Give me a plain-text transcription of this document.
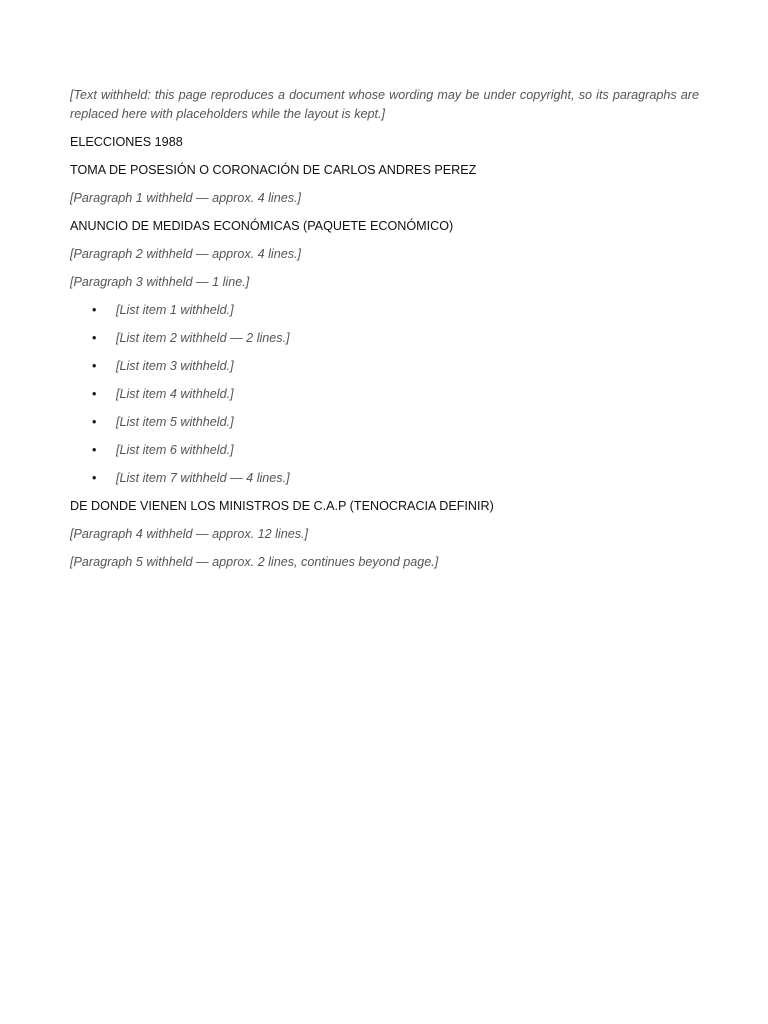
[Text withheld: this page reproduces a document whose wording may be under copyright, so its paragraphs are replaced here with placeholders while the layout is kept.]

ELECCIONES 1988

TOMA DE POSESIÓN O CORONACIÓN DE CARLOS ANDRES PEREZ

[Paragraph 1 withheld — approx. 4 lines.]

ANUNCIO DE MEDIDAS ECONÓMICAS (PAQUETE ECONÓMICO)

[Paragraph 2 withheld — approx. 4 lines.]

[Paragraph 3 withheld — 1 line.]

• [List item 1 withheld.]
• [List item 2 withheld — 2 lines.]
• [List item 3 withheld.]
• [List item 4 withheld.]
• [List item 5 withheld.]
• [List item 6 withheld.]
• [List item 7 withheld — 4 lines.]

DE DONDE VIENEN LOS MINISTROS DE C.A.P (TENOCRACIA DEFINIR)

[Paragraph 4 withheld — approx. 12 lines.]

[Paragraph 5 withheld — approx. 2 lines, continues beyond page.]
